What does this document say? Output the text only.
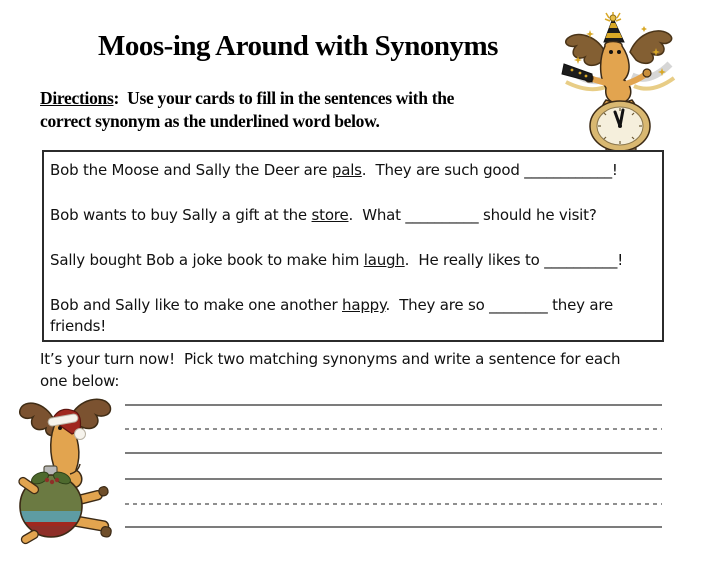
Moos-ing Around with Synonyms
Directions:  Use your cards to fill in the sentences with the
correct synonym as the underlined word below.
Bob the Moose and Sally the Deer are pals.  They are such good ____________!
Bob wants to buy Sally a gift at the store.  What __________ should he visit?
Sally bought Bob a joke book to make him laugh.  He really likes to __________!
Bob and Sally like to make one another happy.  They are so ________ they are
friends!
It’s your turn now!  Pick two matching synonyms and write a sentence for each
one below:
